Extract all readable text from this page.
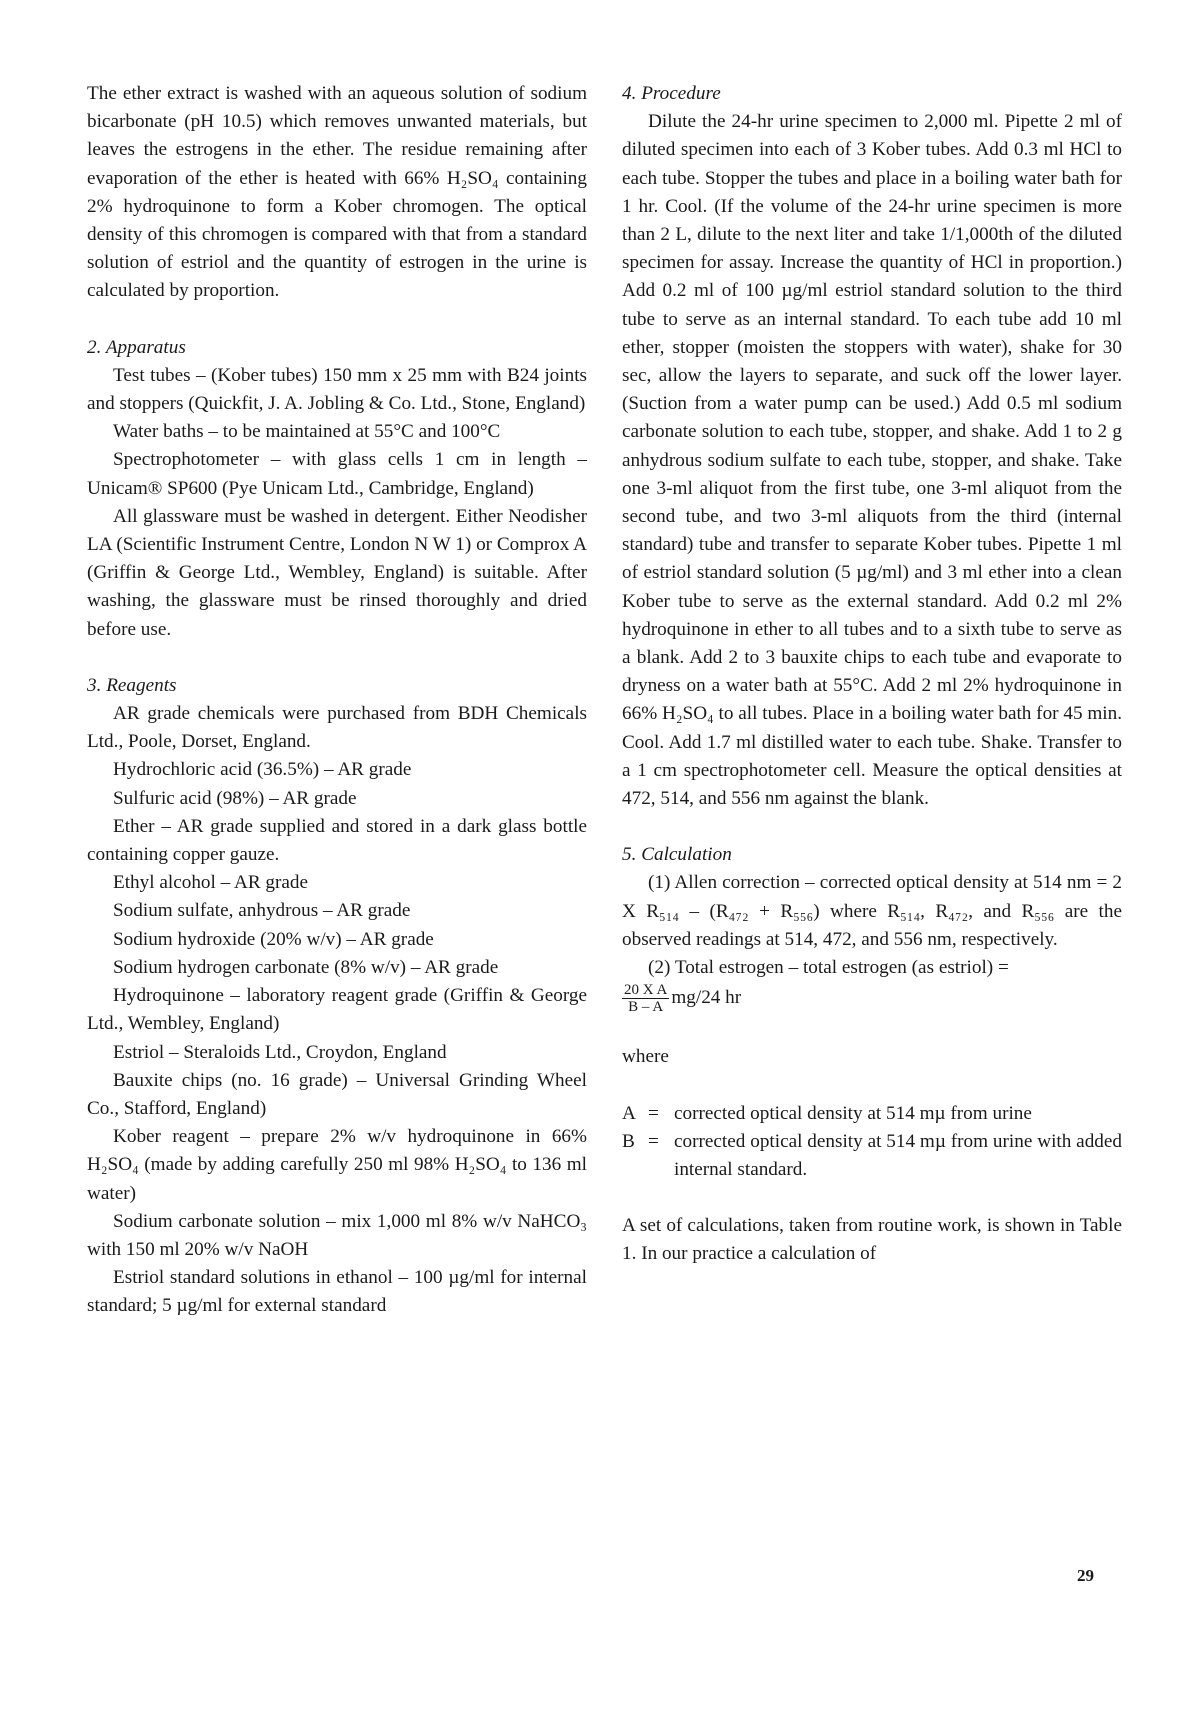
The ether extract is washed with an aqueous solution of sodium bicarbonate (pH 10.5) which removes unwanted materials, but leaves the estrogens in the ether. The residue remaining after evaporation of the ether is heated with 66% H₂SO₄ containing 2% hydroquinone to form a Kober chromogen. The optical density of this chromogen is compared with that from a standard solution of estriol and the quantity of estrogen in the urine is calculated by proportion.

2. Apparatus

Test tubes – (Kober tubes) 150 mm x 25 mm with B24 joints and stoppers (Quickfit, J. A. Jobling & Co. Ltd., Stone, England)

Water baths – to be maintained at 55°C and 100°C

Spectrophotometer – with glass cells 1 cm in length – Unicam® SP600 (Pye Unicam Ltd., Cambridge, England)

All glassware must be washed in detergent. Either Neodisher LA (Scientific Instrument Centre, London N W 1) or Comprox A (Griffin & George Ltd., Wembley, England) is suitable. After washing, the glassware must be rinsed thoroughly and dried before use.

3. Reagents

AR grade chemicals were purchased from BDH Chemicals Ltd., Poole, Dorset, England.

Hydrochloric acid (36.5%) – AR grade

Sulfuric acid (98%) – AR grade

Ether – AR grade supplied and stored in a dark glass bottle containing copper gauze.

Ethyl alcohol – AR grade

Sodium sulfate, anhydrous – AR grade

Sodium hydroxide (20% w/v) – AR grade

Sodium hydrogen carbonate (8% w/v) – AR grade

Hydroquinone – laboratory reagent grade (Griffin & George Ltd., Wembley, England)

Estriol – Steraloids Ltd., Croydon, England

Bauxite chips (no. 16 grade) – Universal Grinding Wheel Co., Stafford, England)

Kober reagent – prepare 2% w/v hydroquinone in 66% H₂SO₄ (made by adding carefully 250 ml 98% H₂SO₄ to 136 ml water)

Sodium carbonate solution – mix 1,000 ml 8% w/v NaHCO₃ with 150 ml 20% w/v NaOH

Estriol standard solutions in ethanol – 100 µg/ml for internal standard; 5 µg/ml for external standard

4. Procedure

Dilute the 24-hr urine specimen to 2,000 ml. Pipette 2 ml of diluted specimen into each of 3 Kober tubes. Add 0.3 ml HCl to each tube. Stopper the tubes and place in a boiling water bath for 1 hr. Cool. (If the volume of the 24-hr urine specimen is more than 2 L, dilute to the next liter and take 1/1,000th of the diluted specimen for assay. Increase the quantity of HCl in proportion.) Add 0.2 ml of 100 µg/ml estriol standard solution to the third tube to serve as an internal standard. To each tube add 10 ml ether, stopper (moisten the stoppers with water), shake for 30 sec, allow the layers to separate, and suck off the lower layer. (Suction from a water pump can be used.) Add 0.5 ml sodium carbonate solution to each tube, stopper, and shake. Add 1 to 2 g anhydrous sodium sulfate to each tube, stopper, and shake. Take one 3-ml aliquot from the first tube, one 3-ml aliquot from the second tube, and two 3-ml aliquots from the third (internal standard) tube and transfer to separate Kober tubes. Pipette 1 ml of estriol standard solution (5 µg/ml) and 3 ml ether into a clean Kober tube to serve as the external standard. Add 0.2 ml 2% hydroquinone in ether to all tubes and to a sixth tube to serve as a blank. Add 2 to 3 bauxite chips to each tube and evaporate to dryness on a water bath at 55°C. Add 2 ml 2% hydroquinone in 66% H₂SO₄ to all tubes. Place in a boiling water bath for 45 min. Cool. Add 1.7 ml distilled water to each tube. Shake. Transfer to a 1 cm spectrophotometer cell. Measure the optical densities at 472, 514, and 556 nm against the blank.

5. Calculation

(1) Allen correction – corrected optical density at 514 nm = 2 X R₅₁₄ – (R₄₇₂ + R₅₅₆) where R₅₁₄, R₄₇₂, and R₅₅₆ are the observed readings at 514, 472, and 556 nm, respectively.

(2) Total estrogen – total estrogen (as estriol) =

$\frac{\text{20 X A}}{B - A} mg/24$ hr

where

A	=	corrected optical density at 514 mµ from urine
B	=	corrected optical density at 514 mµ from urine with added internal standard.

A set of calculations, taken from routine work, is shown in Table 1. In our practice a calculation of

29
